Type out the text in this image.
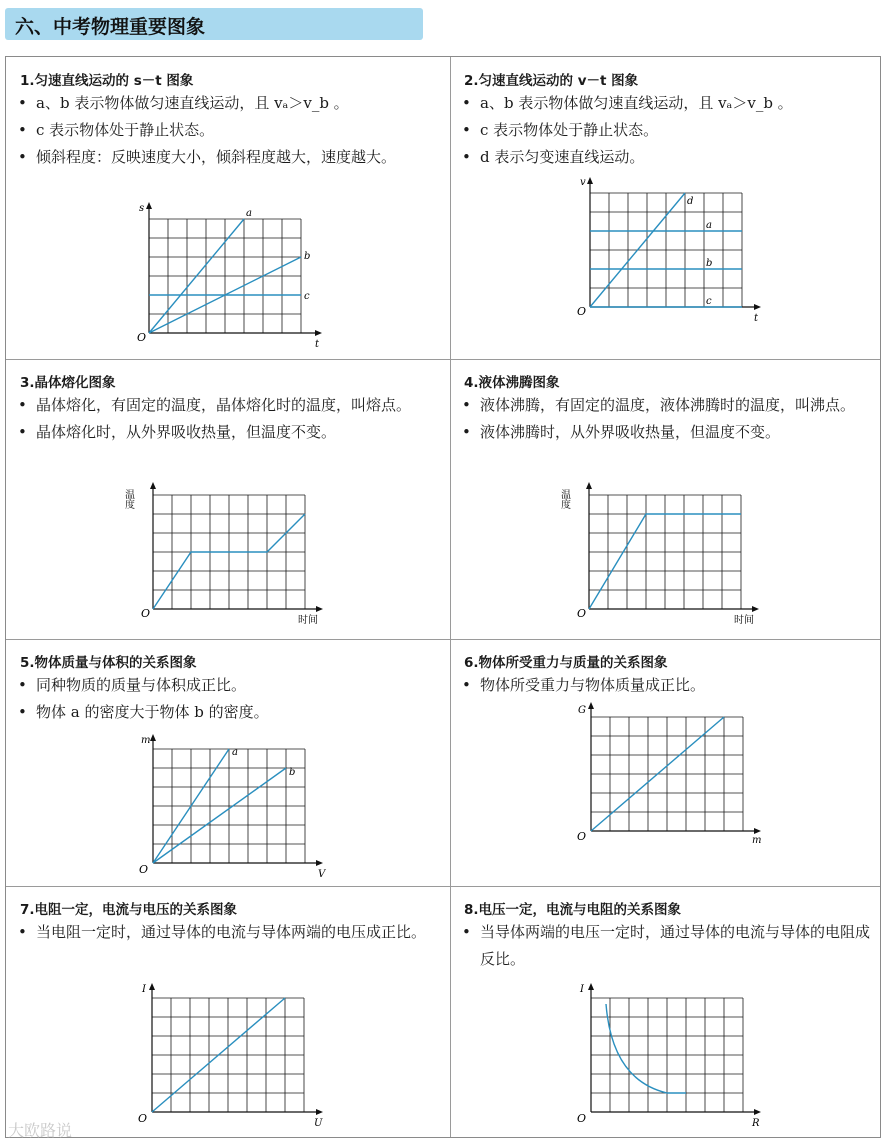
六、中考物理重要图象
1.匀速直线运动的 s－t 图象
• a、b 表示物体做匀速直线运动，且 vₐ＞v_b 。
• c 表示物体处于静止状态。
• 倾斜程度：反映速度大小，倾斜程度越大，速度越大。
a
b
c
s
t
O
2.匀速直线运动的 v－t 图象
• a、b 表示物体做匀速直线运动，且 vₐ＞v_b 。
• c 表示物体处于静止状态。
• d 表示匀变速直线运动。
d
a
b
c
v
t
O
3.晶体熔化图象
• 晶体熔化，有固定的温度，晶体熔化时的温度，叫熔点。
• 晶体熔化时，从外界吸收热量，但温度不变。
温度
时间
O
4.液体沸腾图象
• 液体沸腾，有固定的温度，液体沸腾时的温度，叫沸点。
• 液体沸腾时，从外界吸收热量，但温度不变。
温度
时间
O
5.物体质量与体积的关系图象
• 同种物质的质量与体积成正比。
• 物体 a 的密度大于物体 b 的密度。
a
b
m
V
O
6.物体所受重力与质量的关系图象
• 物体所受重力与物体质量成正比。
G
m
O
7.电阻一定，电流与电压的关系图象
• 当电阻一定时，通过导体的电流与导体两端的电压成正比。
I
U
O
8.电压一定，电流与电阻的关系图象
• 当导体两端的电压一定时，通过导体的电流与导体的电阻成反比。
I
R
O
大欧路说
